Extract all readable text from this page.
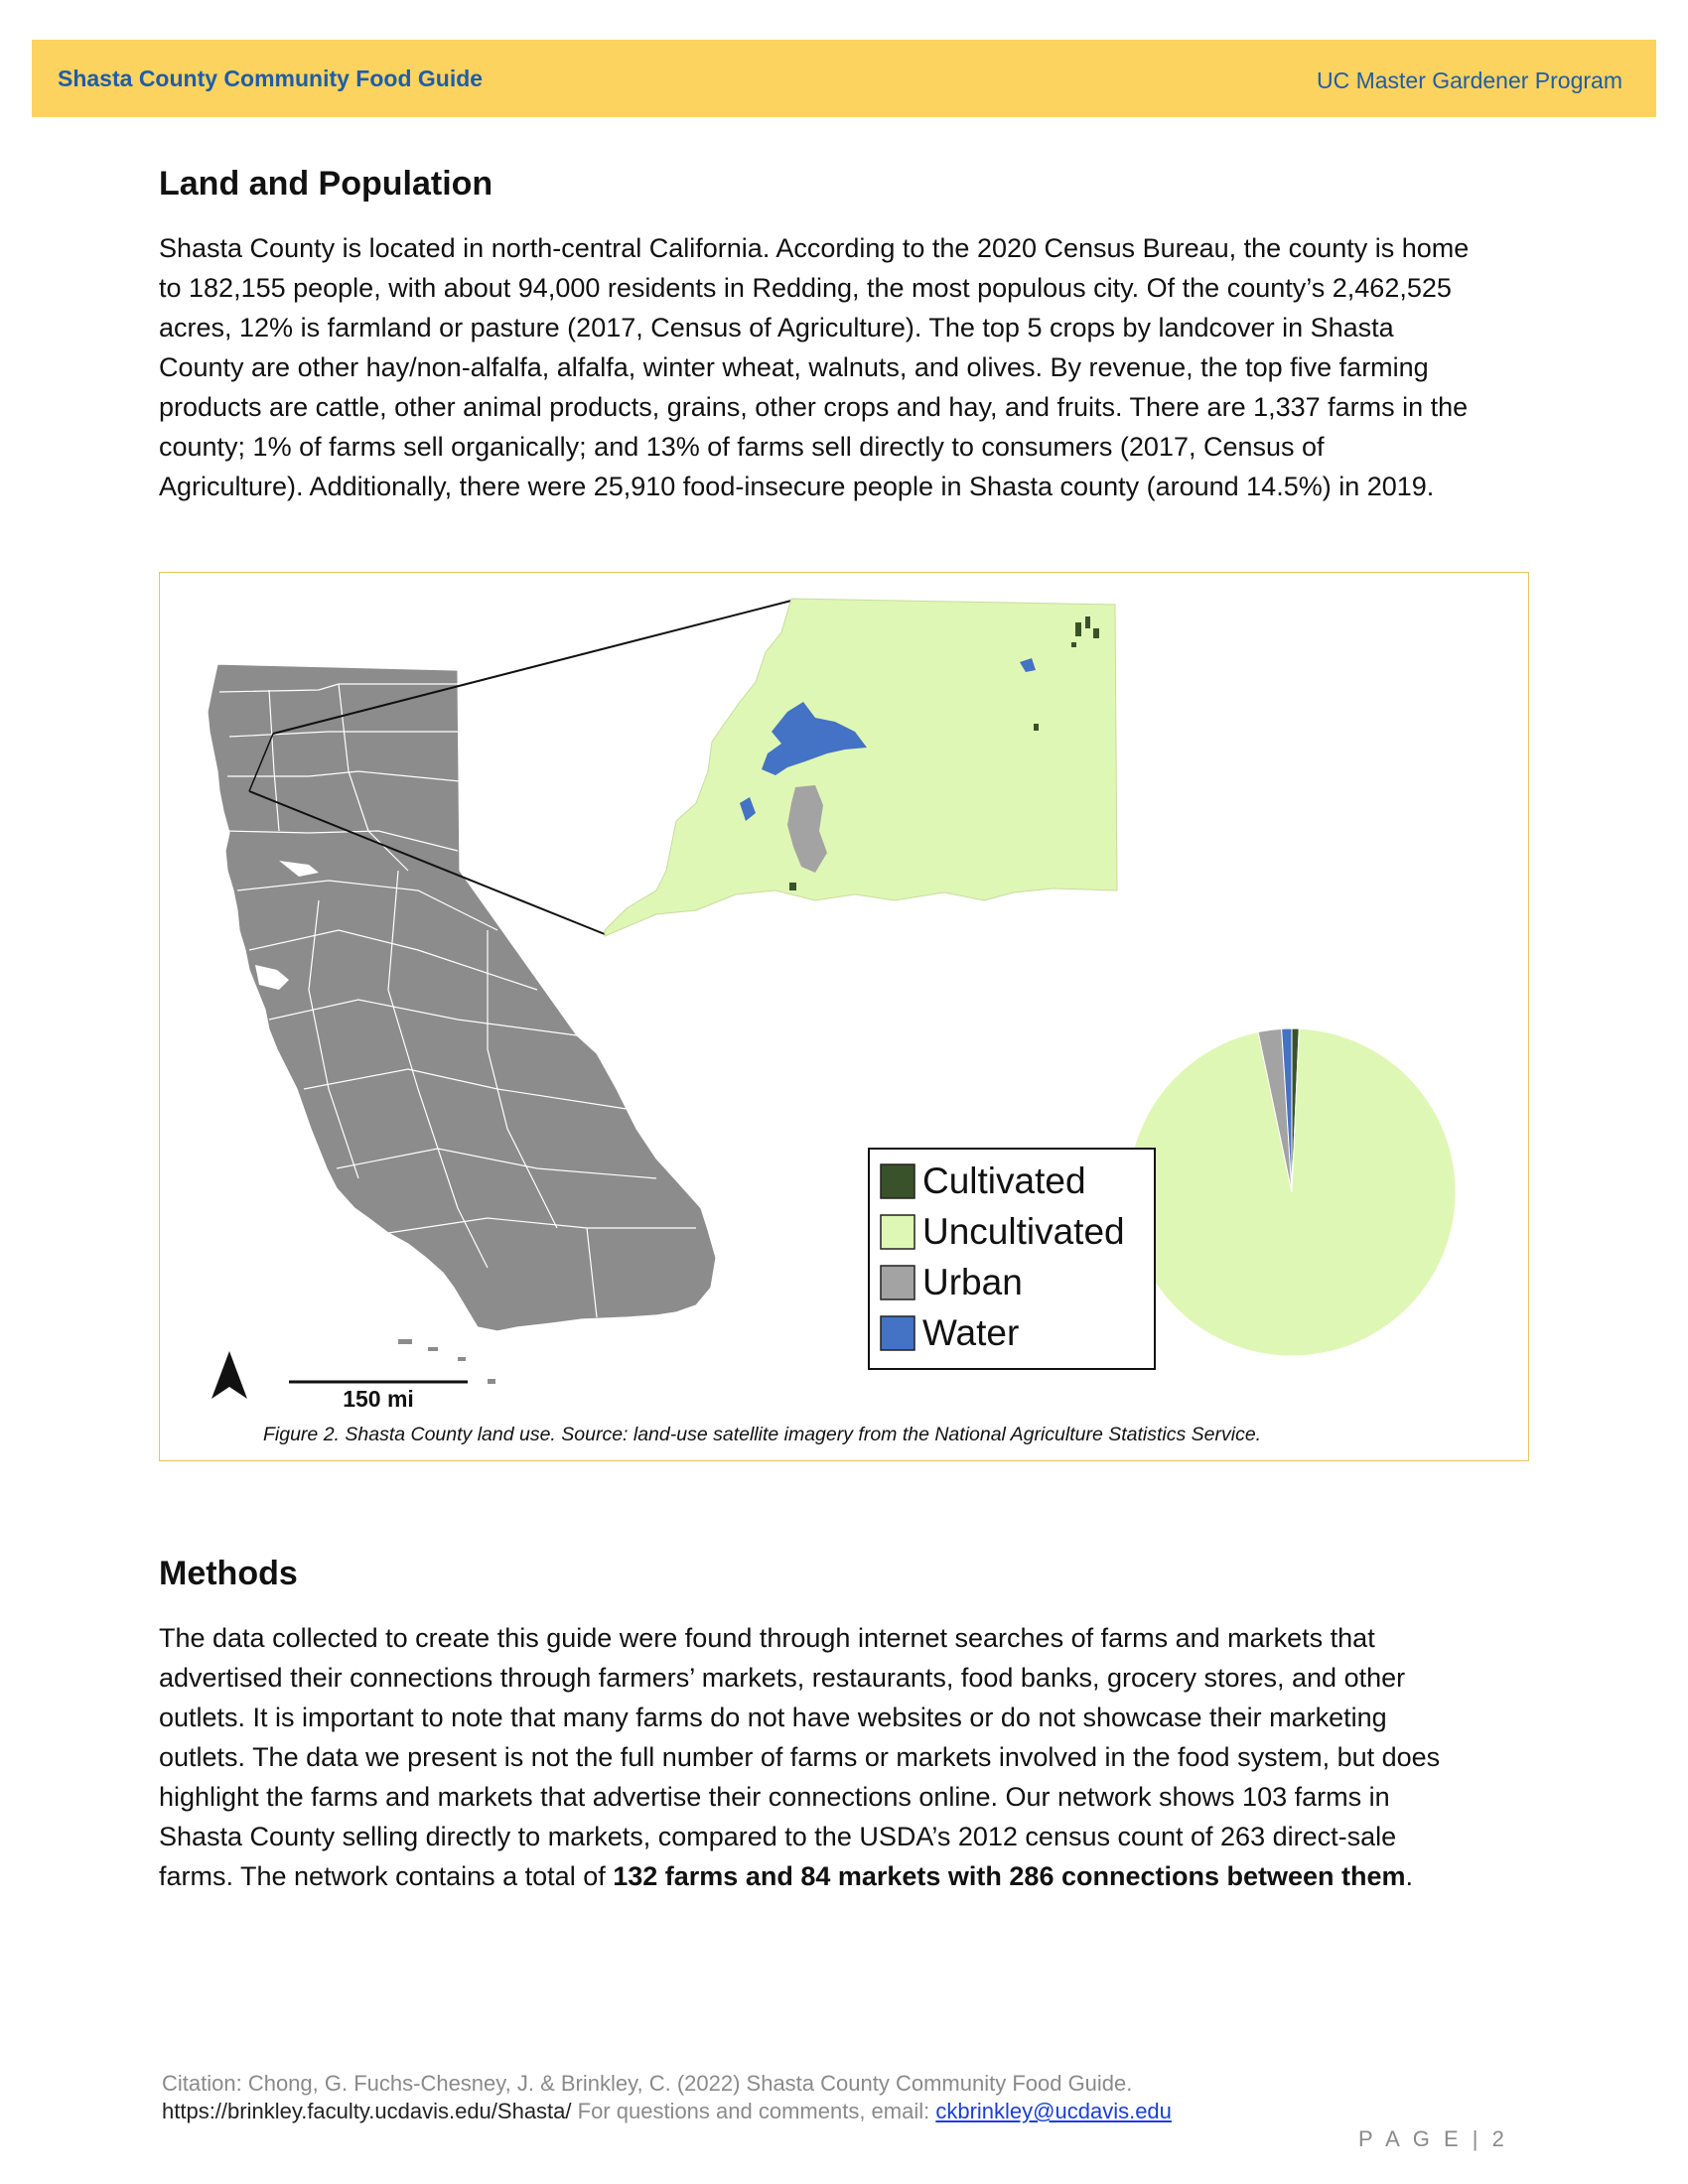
Shasta County Community Food Guide	UC Master Gardener Program
Land and Population
Shasta County is located in north-central California. According to the 2020 Census Bureau, the county is home
to 182,155 people, with about 94,000 residents in Redding, the most populous city. Of the county’s 2,462,525
acres, 12% is farmland or pasture (2017, Census of Agriculture). The top 5 crops by landcover in Shasta
County are other hay/non-alfalfa, alfalfa, winter wheat, walnuts, and olives. By revenue, the top five farming
products are cattle, other animal products, grains, other crops and hay, and fruits. There are 1,337 farms in the
county; 1% of farms sell organically; and 13% of farms sell directly to consumers (2017, Census of
Agriculture). Additionally, there were 25,910 food-insecure people in Shasta county (around 14.5%) in 2019.
Cultivated
Uncultivated
Urban
Water
150 mi
Figure 2. Shasta County land use. Source: land-use satellite imagery from the National Agriculture Statistics Service.
Methods
The data collected to create this guide were found through internet searches of farms and markets that
advertised their connections through farmers’ markets, restaurants, food banks, grocery stores, and other
outlets. It is important to note that many farms do not have websites or do not showcase their marketing
outlets. The data we present is not the full number of farms or markets involved in the food system, but does
highlight the farms and markets that advertise their connections online. Our network shows 103 farms in
Shasta County selling directly to markets, compared to the USDA’s 2012 census count of 263 direct-sale
farms. The network contains a total of 132 farms and 84 markets with 286 connections between them.
Citation: Chong, G. Fuchs-Chesney, J. & Brinkley, C. (2022) Shasta County Community Food Guide.
https://brinkley.faculty.ucdavis.edu/Shasta/ For questions and comments, email: ckbrinkley@ucdavis.edu
P A G E | 2
